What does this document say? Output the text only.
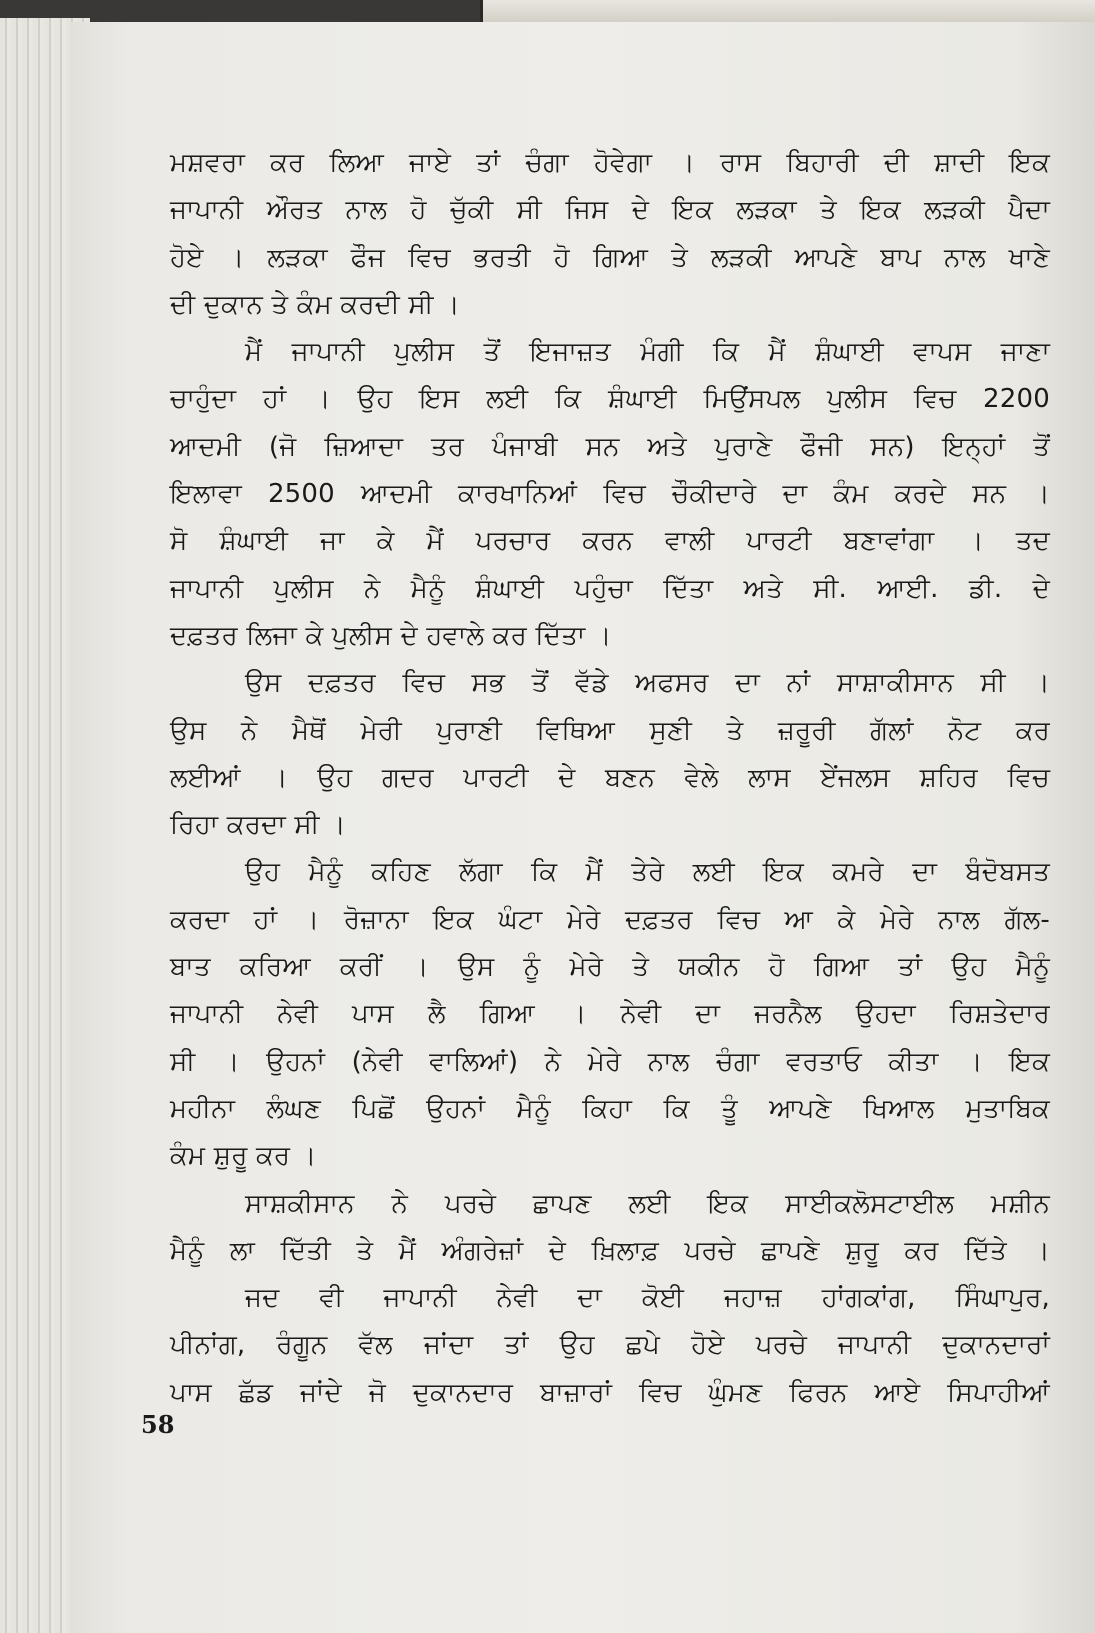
ਮਸ਼ਵਰਾ ਕਰ ਲਿਆ ਜਾਏ ਤਾਂ ਚੰਗਾ ਹੋਵੇਗਾ । ਰਾਸ ਬਿਹਾਰੀ ਦੀ ਸ਼ਾਦੀ ਇਕ
ਜਾਪਾਨੀ ਔਰਤ ਨਾਲ ਹੋ ਚੁੱਕੀ ਸੀ ਜਿਸ ਦੇ ਇਕ ਲੜਕਾ ਤੇ ਇਕ ਲੜਕੀ ਪੈਦਾ
ਹੋਏ । ਲੜਕਾ ਫੌਜ ਵਿਚ ਭਰਤੀ ਹੋ ਗਿਆ ਤੇ ਲੜਕੀ ਆਪਣੇ ਬਾਪ ਨਾਲ ਖਾਣੇ
ਦੀ ਦੁਕਾਨ ਤੇ ਕੰਮ ਕਰਦੀ ਸੀ ।
ਮੈਂ ਜਾਪਾਨੀ ਪੁਲੀਸ ਤੋਂ ਇਜਾਜ਼ਤ ਮੰਗੀ ਕਿ ਮੈਂ ਸ਼ੰਘਾਈ ਵਾਪਸ ਜਾਣਾ
ਚਾਹੁੰਦਾ ਹਾਂ । ਉਹ ਇਸ ਲਈ ਕਿ ਸ਼ੰਘਾਈ ਮਿਉਂਸਪਲ ਪੁਲੀਸ ਵਿਚ 2200
ਆਦਮੀ (ਜੋ ਜ਼ਿਆਦਾ ਤਰ ਪੰਜਾਬੀ ਸਨ ਅਤੇ ਪੁਰਾਣੇ ਫੌਜੀ ਸਨ) ਇਨ੍ਹਾਂ ਤੋਂ
ਇਲਾਵਾ 2500 ਆਦਮੀ ਕਾਰਖਾਨਿਆਂ ਵਿਚ ਚੌਕੀਦਾਰੇ ਦਾ ਕੰਮ ਕਰਦੇ ਸਨ ।
ਸੋ ਸ਼ੰਘਾਈ ਜਾ ਕੇ ਮੈਂ ਪਰਚਾਰ ਕਰਨ ਵਾਲੀ ਪਾਰਟੀ ਬਣਾਵਾਂਗਾ । ਤਦ
ਜਾਪਾਨੀ ਪੁਲੀਸ ਨੇ ਮੈਨੂੰ ਸ਼ੰਘਾਈ ਪਹੁੰਚਾ ਦਿੱਤਾ ਅਤੇ ਸੀ. ਆਈ. ਡੀ. ਦੇ
ਦਫ਼ਤਰ ਲਿਜਾ ਕੇ ਪੁਲੀਸ ਦੇ ਹਵਾਲੇ ਕਰ ਦਿੱਤਾ ।
ਉਸ ਦਫ਼ਤਰ ਵਿਚ ਸਭ ਤੋਂ ਵੱਡੇ ਅਫਸਰ ਦਾ ਨਾਂ ਸਾਸ਼ਾਕੀਸਾਨ ਸੀ ।
ਉਸ ਨੇ ਮੈਥੋਂ ਮੇਰੀ ਪੁਰਾਣੀ ਵਿਥਿਆ ਸੁਣੀ ਤੇ ਜ਼ਰੂਰੀ ਗੱਲਾਂ ਨੋਟ ਕਰ
ਲਈਆਂ । ਉਹ ਗਦਰ ਪਾਰਟੀ ਦੇ ਬਣਨ ਵੇਲੇ ਲਾਸ ਏਂਜਲਸ ਸ਼ਹਿਰ ਵਿਚ
ਰਿਹਾ ਕਰਦਾ ਸੀ ।
ਉਹ ਮੈਨੂੰ ਕਹਿਣ ਲੱਗਾ ਕਿ ਮੈਂ ਤੇਰੇ ਲਈ ਇਕ ਕਮਰੇ ਦਾ ਬੰਦੋਬਸਤ
ਕਰਦਾ ਹਾਂ । ਰੋਜ਼ਾਨਾ ਇਕ ਘੰਟਾ ਮੇਰੇ ਦਫ਼ਤਰ ਵਿਚ ਆ ਕੇ ਮੇਰੇ ਨਾਲ ਗੱਲ-
ਬਾਤ ਕਰਿਆ ਕਰੀਂ । ਉਸ ਨੂੰ ਮੇਰੇ ਤੇ ਯਕੀਨ ਹੋ ਗਿਆ ਤਾਂ ਉਹ ਮੈਨੂੰ
ਜਾਪਾਨੀ ਨੇਵੀ ਪਾਸ ਲੈ ਗਿਆ । ਨੇਵੀ ਦਾ ਜਰਨੈਲ ਉਹਦਾ ਰਿਸ਼ਤੇਦਾਰ
ਸੀ । ਉਹਨਾਂ (ਨੇਵੀ ਵਾਲਿਆਂ) ਨੇ ਮੇਰੇ ਨਾਲ ਚੰਗਾ ਵਰਤਾਓ ਕੀਤਾ । ਇਕ
ਮਹੀਨਾ ਲੰਘਣ ਪਿਛੋਂ ਉਹਨਾਂ ਮੈਨੂੰ ਕਿਹਾ ਕਿ ਤੂੰ ਆਪਣੇ ਖਿਆਲ ਮੁਤਾਬਿਕ
ਕੰਮ ਸ਼ੁਰੂ ਕਰ ।
ਸਾਸ਼ਕੀਸਾਨ ਨੇ ਪਰਚੇ ਛਾਪਣ ਲਈ ਇਕ ਸਾਈਕਲੋਸਟਾਈਲ ਮਸ਼ੀਨ
ਮੈਨੂੰ ਲਾ ਦਿੱਤੀ ਤੇ ਮੈਂ ਅੰਗਰੇਜ਼ਾਂ ਦੇ ਖ਼ਿਲਾਫ਼ ਪਰਚੇ ਛਾਪਣੇ ਸ਼ੁਰੂ ਕਰ ਦਿੱਤੇ ।
ਜਦ ਵੀ ਜਾਪਾਨੀ ਨੇਵੀ ਦਾ ਕੋਈ ਜਹਾਜ਼ ਹਾਂਗਕਾਂਗ, ਸਿੰਘਾਪੁਰ,
ਪੀਨਾਂਗ, ਰੰਗੂਨ ਵੱਲ ਜਾਂਦਾ ਤਾਂ ਉਹ ਛਪੇ ਹੋਏ ਪਰਚੇ ਜਾਪਾਨੀ ਦੁਕਾਨਦਾਰਾਂ
ਪਾਸ ਛੱਡ ਜਾਂਦੇ ਜੋ ਦੁਕਾਨਦਾਰ ਬਾਜ਼ਾਰਾਂ ਵਿਚ ਘੁੰਮਣ ਫਿਰਨ ਆਏ ਸਿਪਾਹੀਆਂ
58
